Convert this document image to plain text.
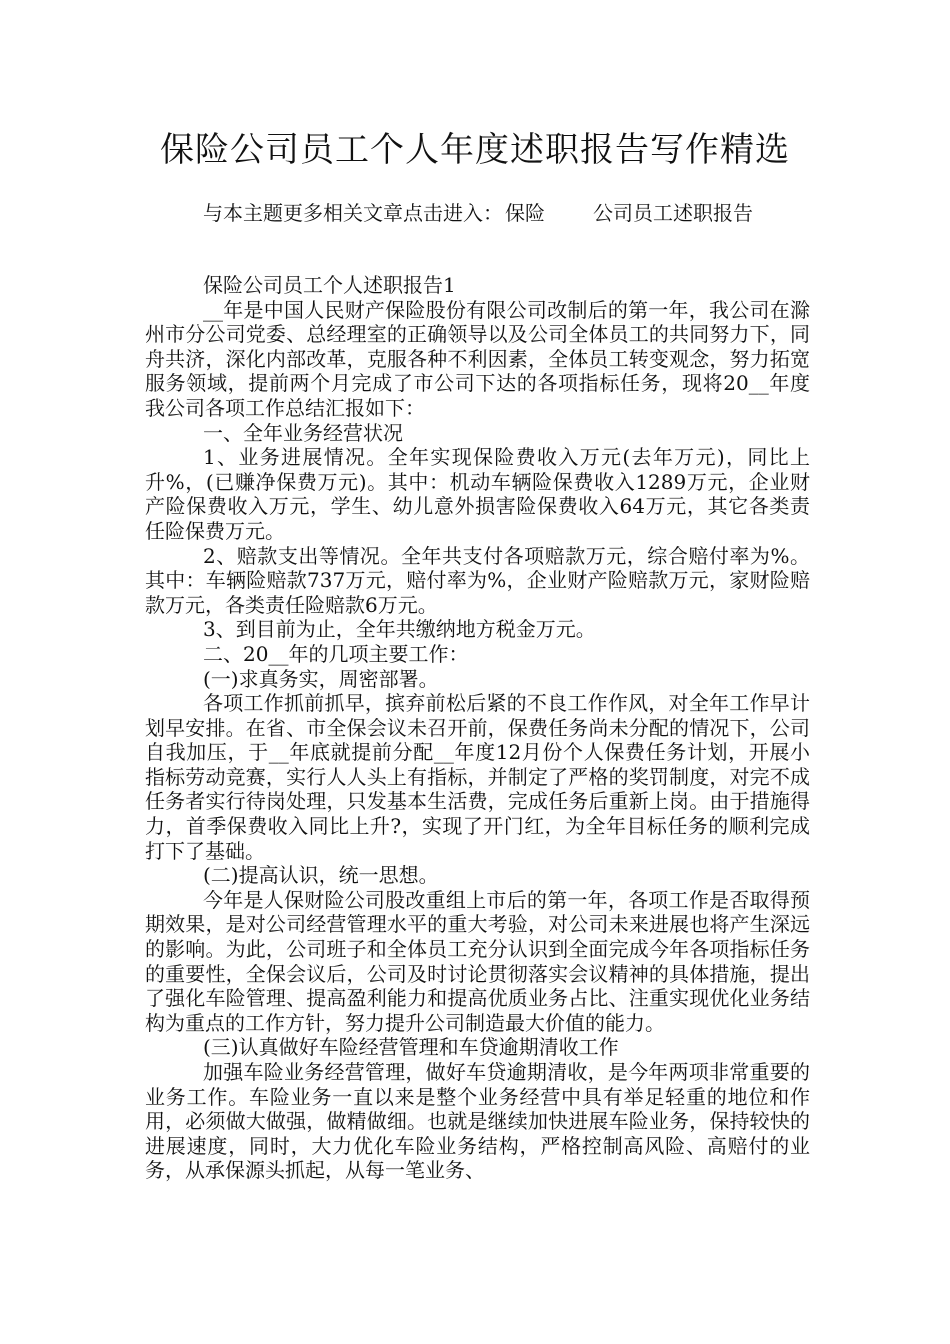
保险公司员工个人年度述职报告写作精选
与本主题更多相关文章点击进入： 保险 公司员工述职报告

保险公司员工个人述职报告1

__年是中国人民财产保险股份有限公司改制后的第一年，我公司在滁州市分公司党委、总经理室的正确领导以及公司全体员工的共同努力下，同舟共济，深化内部改革，克服各种不利因素，全体员工转变观念，努力拓宽服务领域，提前两个月完成了市公司下达的各项指标任务，现将20__年度我公司各项工作总结汇报如下：

一、全年业务经营状况

1、业务进展情况。全年实现保险费收入万元(去年万元)，同比上升%，(已赚净保费万元)。其中：机动车辆险保费收入1289万元，企业财产险保费收入万元，学生、幼儿意外损害险保费收入64万元，其它各类责任险保费万元。

2、赔款支出等情况。全年共支付各项赔款万元，综合赔付率为%。其中：车辆险赔款737万元，赔付率为%，企业财产险赔款万元，家财险赔款万元，各类责任险赔款6万元。

3、到目前为止，全年共缴纳地方税金万元。

二、20__年的几项主要工作：

(一)求真务实，周密部署。

各项工作抓前抓早，摈弃前松后紧的不良工作作风，对全年工作早计划早安排。在省、市全保会议未召开前，保费任务尚未分配的情况下，公司自我加压，于__年底就提前分配__年度12月份个人保费任务计划，开展小指标劳动竞赛，实行人人头上有指标，并制定了严格的奖罚制度，对完不成任务者实行待岗处理，只发基本生活费，完成任务后重新上岗。由于措施得力，首季保费收入同比上升?，实现了开门红，为全年目标任务的顺利完成打下了基础。

(二)提高认识，统一思想。

今年是人保财险公司股改重组上市后的第一年，各项工作是否取得预期效果，是对公司经营管理水平的重大考验，对公司未来进展也将产生深远的影响。为此，公司班子和全体员工充分认识到全面完成今年各项指标任务的重要性，全保会议后，公司及时讨论贯彻落实会议精神的具体措施，提出了强化车险管理、提高盈利能力和提高优质业务占比、注重实现优化业务结构为重点的工作方针，努力提升公司制造最大价值的能力。

(三)认真做好车险经营管理和车贷逾期清收工作

加强车险业务经营管理，做好车贷逾期清收，是今年两项非常重要的业务工作。车险业务一直以来是整个业务经营中具有举足轻重的地位和作用，必须做大做强，做精做细。也就是继续加快进展车险业务，保持较快的进展速度，同时，大力优化车险业务结构，严格控制高风险、高赔付的业务，从承保源头抓起，从每一笔业务、
